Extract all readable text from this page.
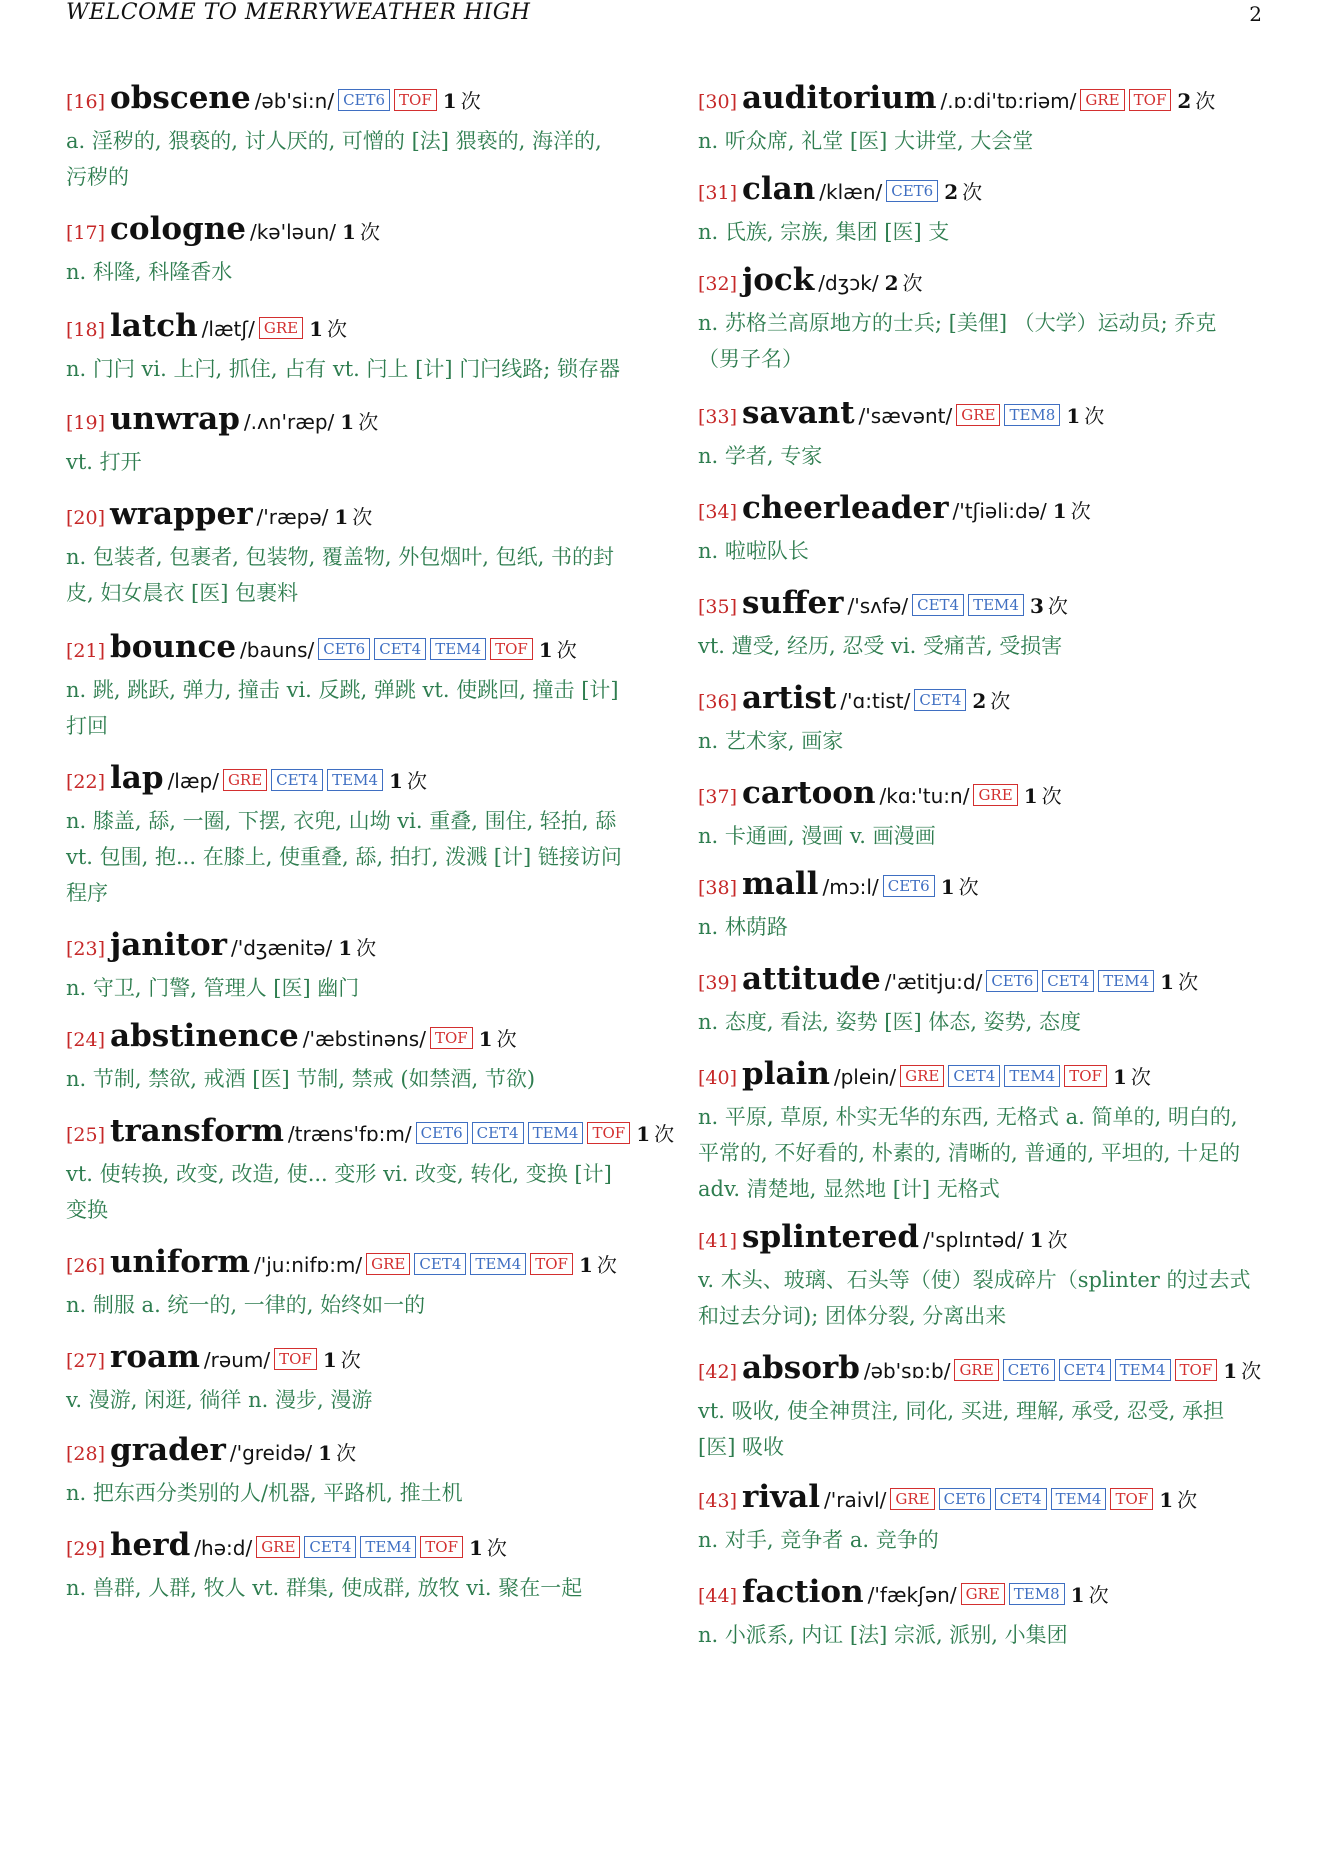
WELCOME TO MERRYWEATHER HIGH	2
[16] obscene /əb'si:n/ CET6 TOF 1 次
a. 淫秽的, 猥亵的, 讨人厌的, 可憎的 [法] 猥亵的, 海洋的, 污秽的
[17] cologne /kə'ləun/ 1 次
n. 科隆, 科隆香水
[18] latch /lætʃ/ GRE 1 次
n. 门闩 vi. 上闩, 抓住, 占有 vt. 闩上 [计] 门闩线路; 锁存器
[19] unwrap /.ʌn'ræp/ 1 次
vt. 打开
[20] wrapper /'ræpə/ 1 次
n. 包装者, 包裹者, 包装物, 覆盖物, 外包烟叶, 包纸, 书的封皮, 妇女晨衣 [医] 包裹料
[21] bounce /bauns/ CET6 CET4 TEM4 TOF 1 次
n. 跳, 跳跃, 弹力, 撞击 vi. 反跳, 弹跳 vt. 使跳回, 撞击 [计] 打回
[22] lap /læp/ GRE CET4 TEM4 1 次
n. 膝盖, 舔, 一圈, 下摆, 衣兜, 山坳 vi. 重叠, 围住, 轻拍, 舔 vt. 包围, 抱... 在膝上, 使重叠, 舔, 拍打, 泼溅 [计] 链接访问程序
[23] janitor /'dʒænitə/ 1 次
n. 守卫, 门警, 管理人 [医] 幽门
[24] abstinence /'æbstinəns/ TOF 1 次
n. 节制, 禁欲, 戒酒 [医] 节制, 禁戒 (如禁酒, 节欲)
[25] transform /træns'fɒ:m/ CET6 CET4 TEM4 TOF 1 次
vt. 使转换, 改变, 改造, 使... 变形 vi. 改变, 转化, 变换 [计] 变换
[26] uniform /'ju:nifɒ:m/ GRE CET4 TEM4 TOF 1 次
n. 制服 a. 统一的, 一律的, 始终如一的
[27] roam /rəum/ TOF 1 次
v. 漫游, 闲逛, 徜徉 n. 漫步, 漫游
[28] grader /'greidə/ 1 次
n. 把东西分类别的人/机器, 平路机, 推土机
[29] herd /hə:d/ GRE CET4 TEM4 TOF 1 次
n. 兽群, 人群, 牧人 vt. 群集, 使成群, 放牧 vi. 聚在一起
[30] auditorium /.ɒ:di'tɒ:riəm/ GRE TOF 2 次
n. 听众席, 礼堂 [医] 大讲堂, 大会堂
[31] clan /klæn/ CET6 2 次
n. 氏族, 宗族, 集团 [医] 支
[32] jock /dʒɔk/ 2 次
n. 苏格兰高原地方的士兵; [美俚] （大学）运动员; 乔克（男子名）
[33] savant /'sævənt/ GRE TEM8 1 次
n. 学者, 专家
[34] cheerleader /'tʃiəli:də/ 1 次
n. 啦啦队长
[35] suffer /'sʌfə/ CET4 TEM4 3 次
vt. 遭受, 经历, 忍受 vi. 受痛苦, 受损害
[36] artist /'ɑ:tist/ CET4 2 次
n. 艺术家, 画家
[37] cartoon /kɑ:'tu:n/ GRE 1 次
n. 卡通画, 漫画 v. 画漫画
[38] mall /mɔ:l/ CET6 1 次
n. 林荫路
[39] attitude /'ætitju:d/ CET6 CET4 TEM4 1 次
n. 态度, 看法, 姿势 [医] 体态, 姿势, 态度
[40] plain /plein/ GRE CET4 TEM4 TOF 1 次
n. 平原, 草原, 朴实无华的东西, 无格式 a. 简单的, 明白的, 平常的, 不好看的, 朴素的, 清晰的, 普通的, 平坦的, 十足的 adv. 清楚地, 显然地 [计] 无格式
[41] splintered /'splɪntəd/ 1 次
v. 木头、玻璃、石头等（使）裂成碎片（splinter 的过去式和过去分词); 团体分裂, 分离出来
[42] absorb /əb'sɒ:b/ GRE CET6 CET4 TEM4 TOF 1 次
vt. 吸收, 使全神贯注, 同化, 买进, 理解, 承受, 忍受, 承担 [医] 吸收
[43] rival /'raivl/ GRE CET6 CET4 TEM4 TOF 1 次
n. 对手, 竞争者 a. 竞争的
[44] faction /'fækʃən/ GRE TEM8 1 次
n. 小派系, 内讧 [法] 宗派, 派别, 小集团
